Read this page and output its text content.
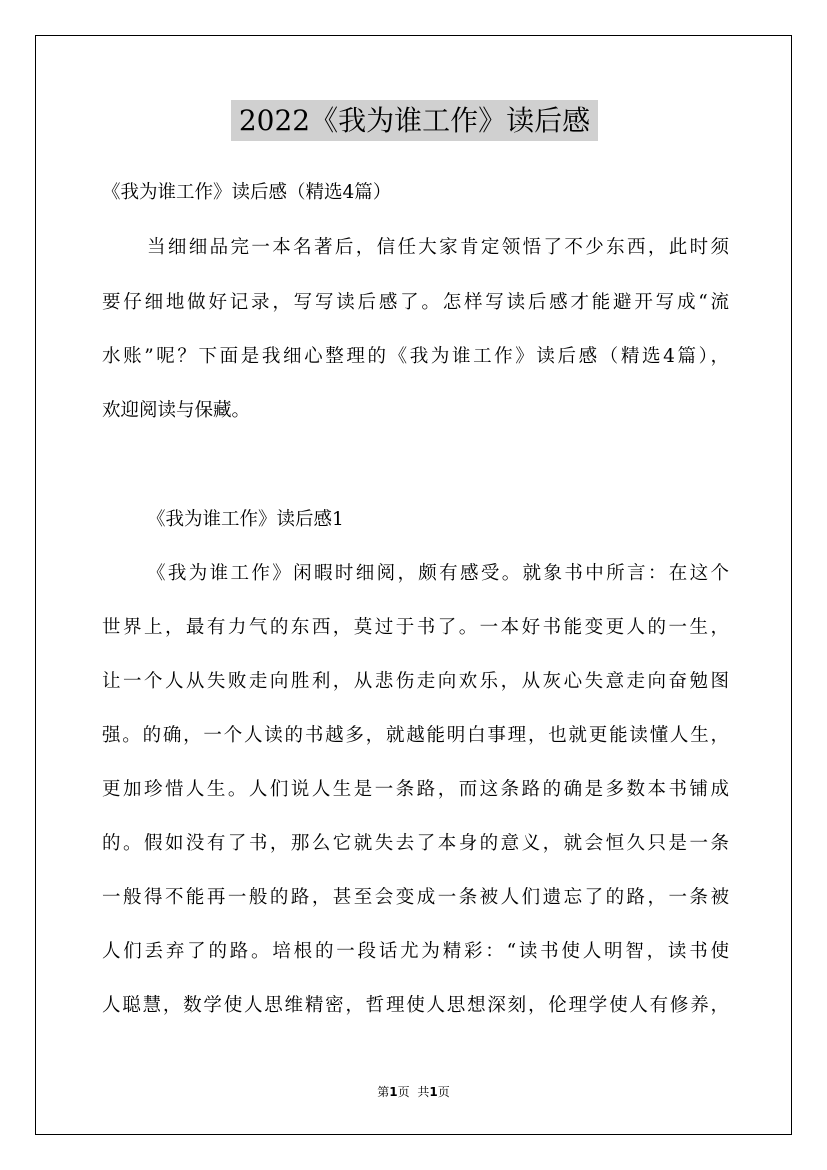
2022《我为谁工作》读后感
《我为谁工作》读后感（精选4篇）
当细细品完一本名著后，信任大家肯定领悟了不少东西，此时须
要仔细地做好记录，写写读后感了。怎样写读后感才能避开写成“流
水账”呢？下面是我细心整理的《我为谁工作》读后感（精选4篇），
欢迎阅读与保藏。
《我为谁工作》读后感1
《我为谁工作》闲暇时细阅，颇有感受。就象书中所言：在这个
世界上，最有力气的东西，莫过于书了。一本好书能变更人的一生，
让一个人从失败走向胜利，从悲伤走向欢乐，从灰心失意走向奋勉图
强。的确，一个人读的书越多，就越能明白事理，也就更能读懂人生，
更加珍惜人生。人们说人生是一条路，而这条路的确是多数本书铺成
的。假如没有了书，那么它就失去了本身的意义，就会恒久只是一条
一般得不能再一般的路，甚至会变成一条被人们遗忘了的路，一条被
人们丢弃了的路。培根的一段话尤为精彩：“读书使人明智，读书使
人聪慧，数学使人思维精密，哲理使人思想深刻，伦理学使人有修养，
第1页 共1页
